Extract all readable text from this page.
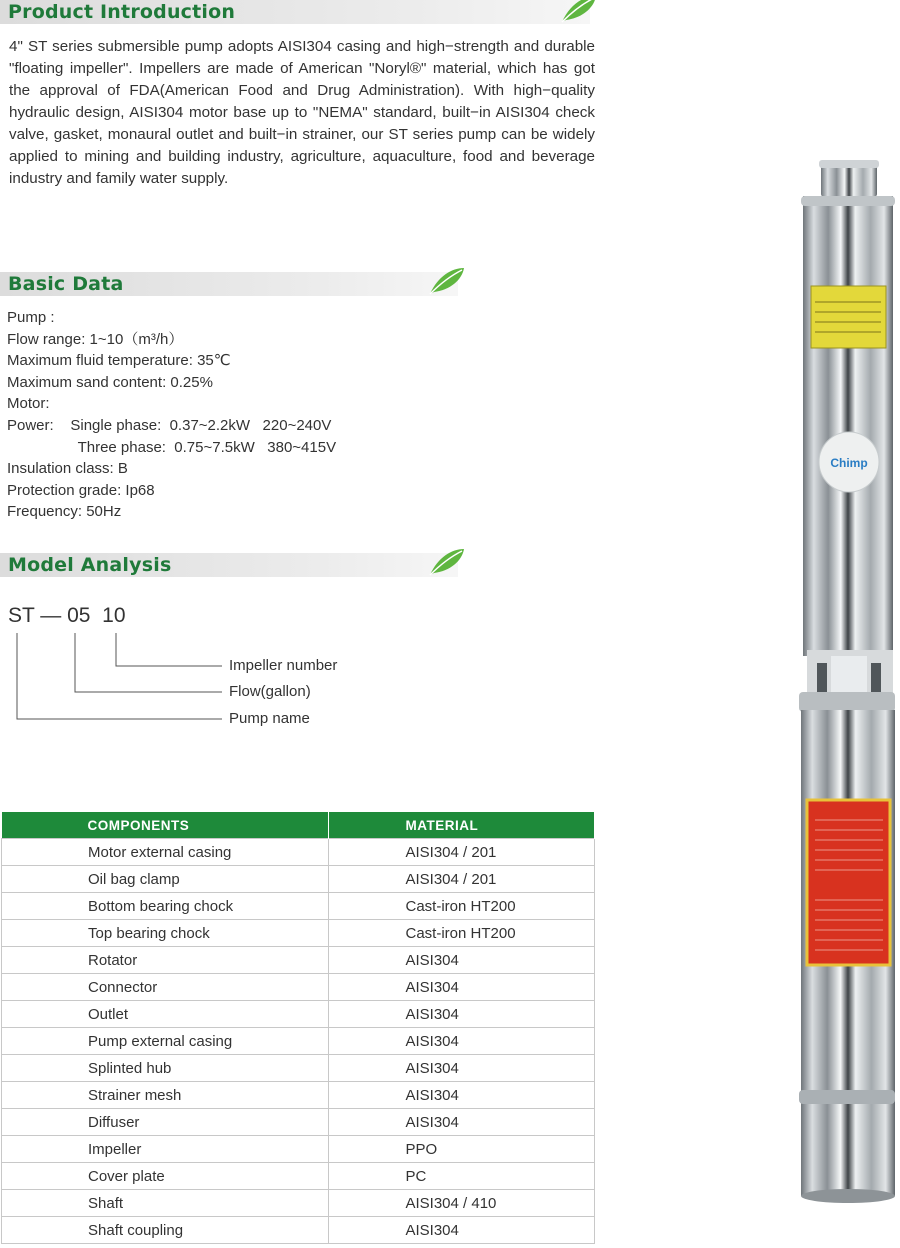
Product Introduction

4" ST series submersible pump adopts AISI304 casing and high−strength and durable "floating impeller". Impellers are made of American "Noryl®" material, which has got the approval of FDA(American Food and Drug Administration). With high−quality hydraulic design, AISI304 motor base up to "NEMA" standard, built−in AISI304 check valve, gasket, monaural outlet and built−in strainer, our ST series pump can be widely applied to mining and building industry, agriculture, aquaculture, food and beverage industry and family water supply.

Basic Data
Pump :
Flow range: 1~10（m³/h）
Maximum fluid temperature: 35℃
Maximum sand content: 0.25%
Motor:
Power:    Single phase:  0.37~2.2kW   220~240V
Three phase:  0.75~7.5kW   380~415V
Insulation class: B
Protection grade: Ip68
Frequency: 50Hz
Model Analysis
ST — 05  10
Impeller number
Flow(gallon)
Pump name
COMPONENTS	MATERIAL
Motor external casing	AISI304 / 201
Oil bag clamp	AISI304 / 201
Bottom bearing chock	Cast-iron HT200
Top bearing chock	Cast-iron HT200
Rotator	AISI304
Connector	AISI304
Outlet	AISI304
Pump external casing	AISI304
Splinted hub	AISI304
Strainer mesh	AISI304
Diffuser	AISI304
Impeller	PPO
Cover plate	PC
Shaft	AISI304 / 410
Shaft coupling	AISI304
Chimp
